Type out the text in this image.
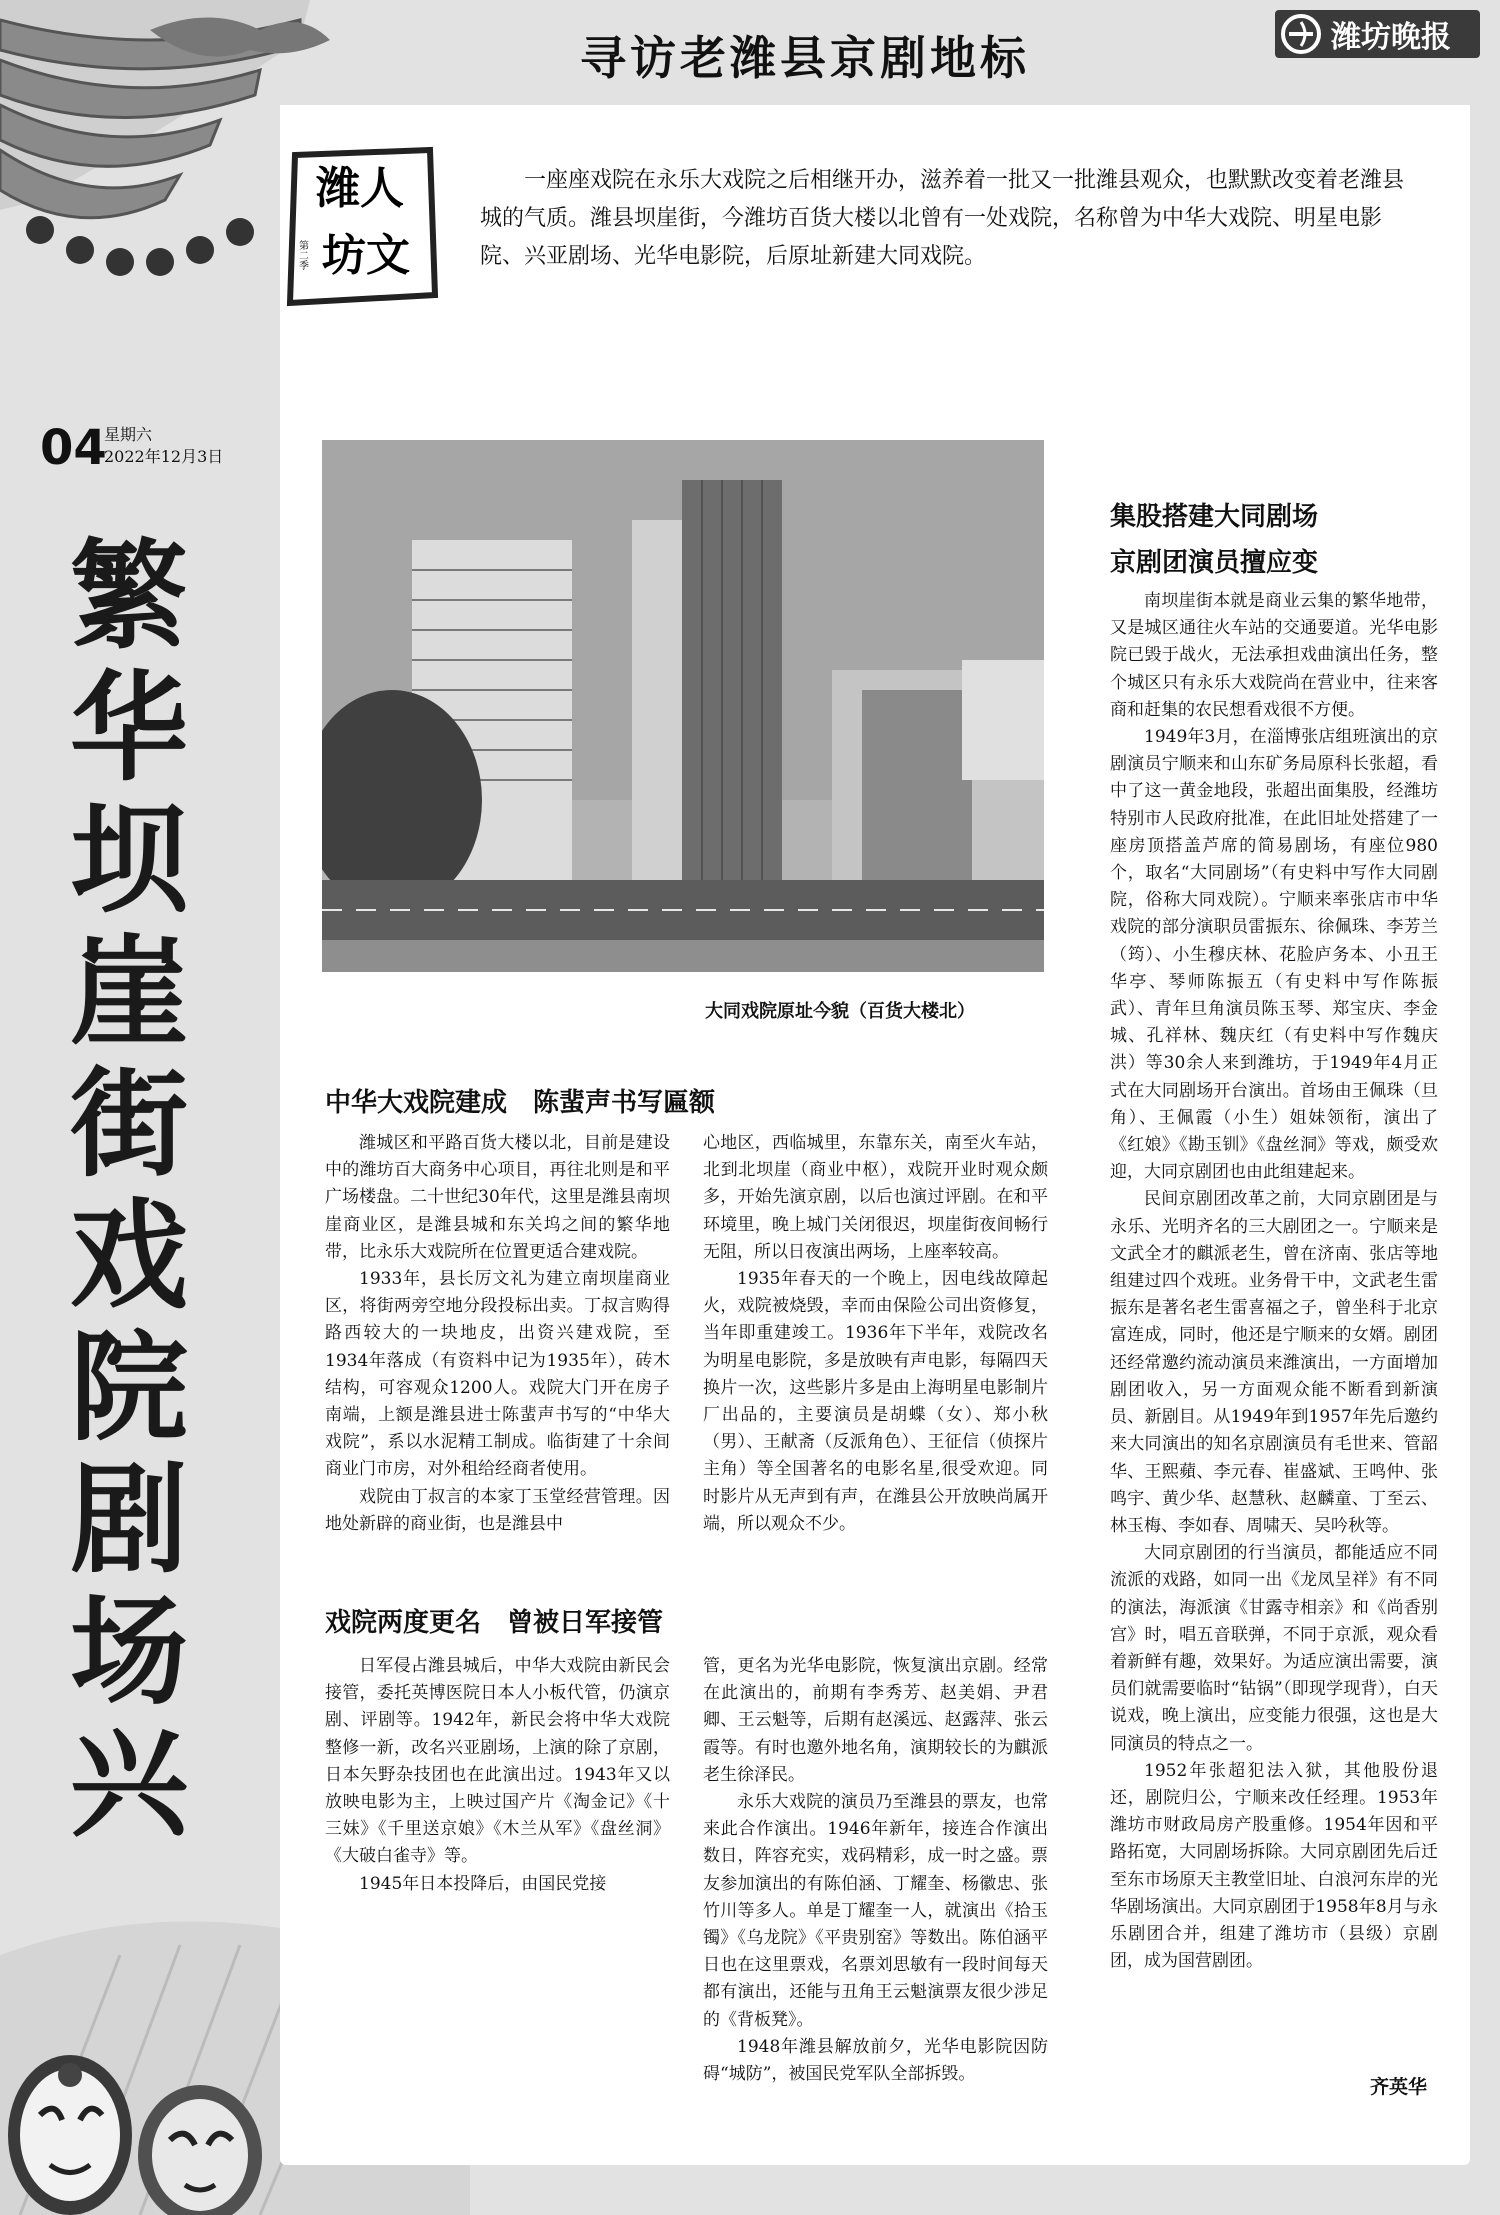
寻访老潍县京剧地标	潍坊晚报
04
星期六
2022年12月3日
繁华坝崖街戏院剧场兴
潍人
坊文
第二季
一座座戏院在永乐大戏院之后相继开办，滋养着一批又一批潍县观众，也默默改变着老潍县城的气质。潍县坝崖街，今潍坊百货大楼以北曾有一处戏院，名称曾为中华大戏院、明星电影院、兴亚剧场、光华电影院，后原址新建大同戏院。
大同戏院原址今貌（百货大楼北）
中华大戏院建成　陈蜚声书写匾额

潍城区和平路百货大楼以北，目前是建设中的潍坊百大商务中心项目，再往北则是和平广场楼盘。二十世纪30年代，这里是潍县南坝崖商业区，是潍县城和东关坞之间的繁华地带，比永乐大戏院所在位置更适合建戏院。

1933年，县长厉文礼为建立南坝崖商业区，将街两旁空地分段投标出卖。丁叔言购得路西较大的一块地皮，出资兴建戏院，至1934年落成（有资料中记为1935年），砖木结构，可容观众1200人。戏院大门开在房子南端，上额是潍县进士陈蜚声书写的“中华大戏院”，系以水泥精工制成。临街建了十余间商业门市房，对外租给经商者使用。

戏院由丁叔言的本家丁玉堂经营管理。因地处新辟的商业街，也是潍县中

心地区，西临城里，东靠东关，南至火车站，北到北坝崖（商业中枢），戏院开业时观众颇多，开始先演京剧，以后也演过评剧。在和平环境里，晚上城门关闭很迟，坝崖街夜间畅行无阻，所以日夜演出两场，上座率较高。

1935年春天的一个晚上，因电线故障起火，戏院被烧毁，幸而由保险公司出资修复，当年即重建竣工。1936年下半年，戏院改名为明星电影院，多是放映有声电影，每隔四天换片一次，这些影片多是由上海明星电影制片厂出品的，主要演员是胡蝶（女）、郑小秋（男）、王献斋（反派角色）、王征信（侦探片主角）等全国著名的电影名星,很受欢迎。同时影片从无声到有声，在潍县公开放映尚属开端，所以观众不少。

戏院两度更名　曾被日军接管

日军侵占潍县城后，中华大戏院由新民会接管，委托英博医院日本人小板代管，仍演京剧、评剧等。1942年，新民会将中华大戏院整修一新，改名兴亚剧场，上演的除了京剧，日本矢野杂技团也在此演出过。1943年又以放映电影为主，上映过国产片《淘金记》《十三妹》《千里送京娘》《木兰从军》《盘丝洞》《大破白雀寺》等。

1945年日本投降后，由国民党接

管，更名为光华电影院，恢复演出京剧。经常在此演出的，前期有李秀芳、赵美娟、尹君卿、王云魁等，后期有赵溪远、赵露萍、张云霞等。有时也邀外地名角，演期较长的为麒派老生徐泽民。

永乐大戏院的演员乃至潍县的票友，也常来此合作演出。1946年新年，接连合作演出数日，阵容充实，戏码精彩，成一时之盛。票友参加演出的有陈伯涵、丁耀奎、杨徽忠、张竹川等多人。单是丁耀奎一人，就演出《拾玉镯》《乌龙院》《平贵别窑》等数出。陈伯涵平日也在这里票戏，名票刘思敏有一段时间每天都有演出，还能与丑角王云魁演票友很少涉足的《背板凳》。

1948年潍县解放前夕，光华电影院因防碍“城防”，被国民党军队全部拆毁。

集股搭建大同剧场
京剧团演员擅应变

南坝崖街本就是商业云集的繁华地带，又是城区通往火车站的交通要道。光华电影院已毁于战火，无法承担戏曲演出任务，整个城区只有永乐大戏院尚在营业中，往来客商和赶集的农民想看戏很不方便。

1949年3月，在淄博张店组班演出的京剧演员宁顺来和山东矿务局原科长张超，看中了这一黄金地段，张超出面集股，经潍坊特别市人民政府批准，在此旧址处搭建了一座房顶搭盖芦席的简易剧场，有座位980个，取名“大同剧场”（有史料中写作大同剧院，俗称大同戏院）。宁顺来率张店市中华戏院的部分演职员雷振东、徐佩珠、李芳兰（筠）、小生穆庆林、花脸庐务本、小丑王华亭、琴师陈振五（有史料中写作陈振武）、青年旦角演员陈玉琴、郑宝庆、李金城、孔祥林、魏庆红（有史料中写作魏庆洪）等30余人来到潍坊，于1949年4月正式在大同剧场开台演出。首场由王佩珠（旦角）、王佩霞（小生）姐妹领衔，演出了《红娘》《勘玉钏》《盘丝洞》等戏，颇受欢迎，大同京剧团也由此组建起来。

民间京剧团改革之前，大同京剧团是与永乐、光明齐名的三大剧团之一。宁顺来是文武全才的麒派老生，曾在济南、张店等地组建过四个戏班。业务骨干中，文武老生雷振东是著名老生雷喜福之子，曾坐科于北京富连成，同时，他还是宁顺来的女婿。剧团还经常邀约流动演员来潍演出，一方面增加剧团收入，另一方面观众能不断看到新演员、新剧目。从1949年到1957年先后邀约来大同演出的知名京剧演员有毛世来、管韶华、王熙蘋、李元春、崔盛斌、王鸣仲、张鸣宇、黄少华、赵慧秋、赵麟童、丁至云、林玉梅、李如春、周啸天、吴吟秋等。

大同京剧团的行当演员，都能适应不同流派的戏路，如同一出《龙凤呈祥》有不同的演法，海派演《甘露寺相亲》和《尚香别宫》时，唱五音联弹，不同于京派，观众看着新鲜有趣，效果好。为适应演出需要，演员们就需要临时“钻锅”（即现学现背），白天说戏，晚上演出，应变能力很强，这也是大同演员的特点之一。

1952年张超犯法入狱，其他股份退还，剧院归公，宁顺来改任经理。1953年潍坊市财政局房产股重修。1954年因和平路拓宽，大同剧场拆除。大同京剧团先后迁至东市场原天主教堂旧址、白浪河东岸的光华剧场演出。大同京剧团于1958年8月与永乐剧团合并，组建了潍坊市（县级）京剧团，成为国营剧团。

齐英华
